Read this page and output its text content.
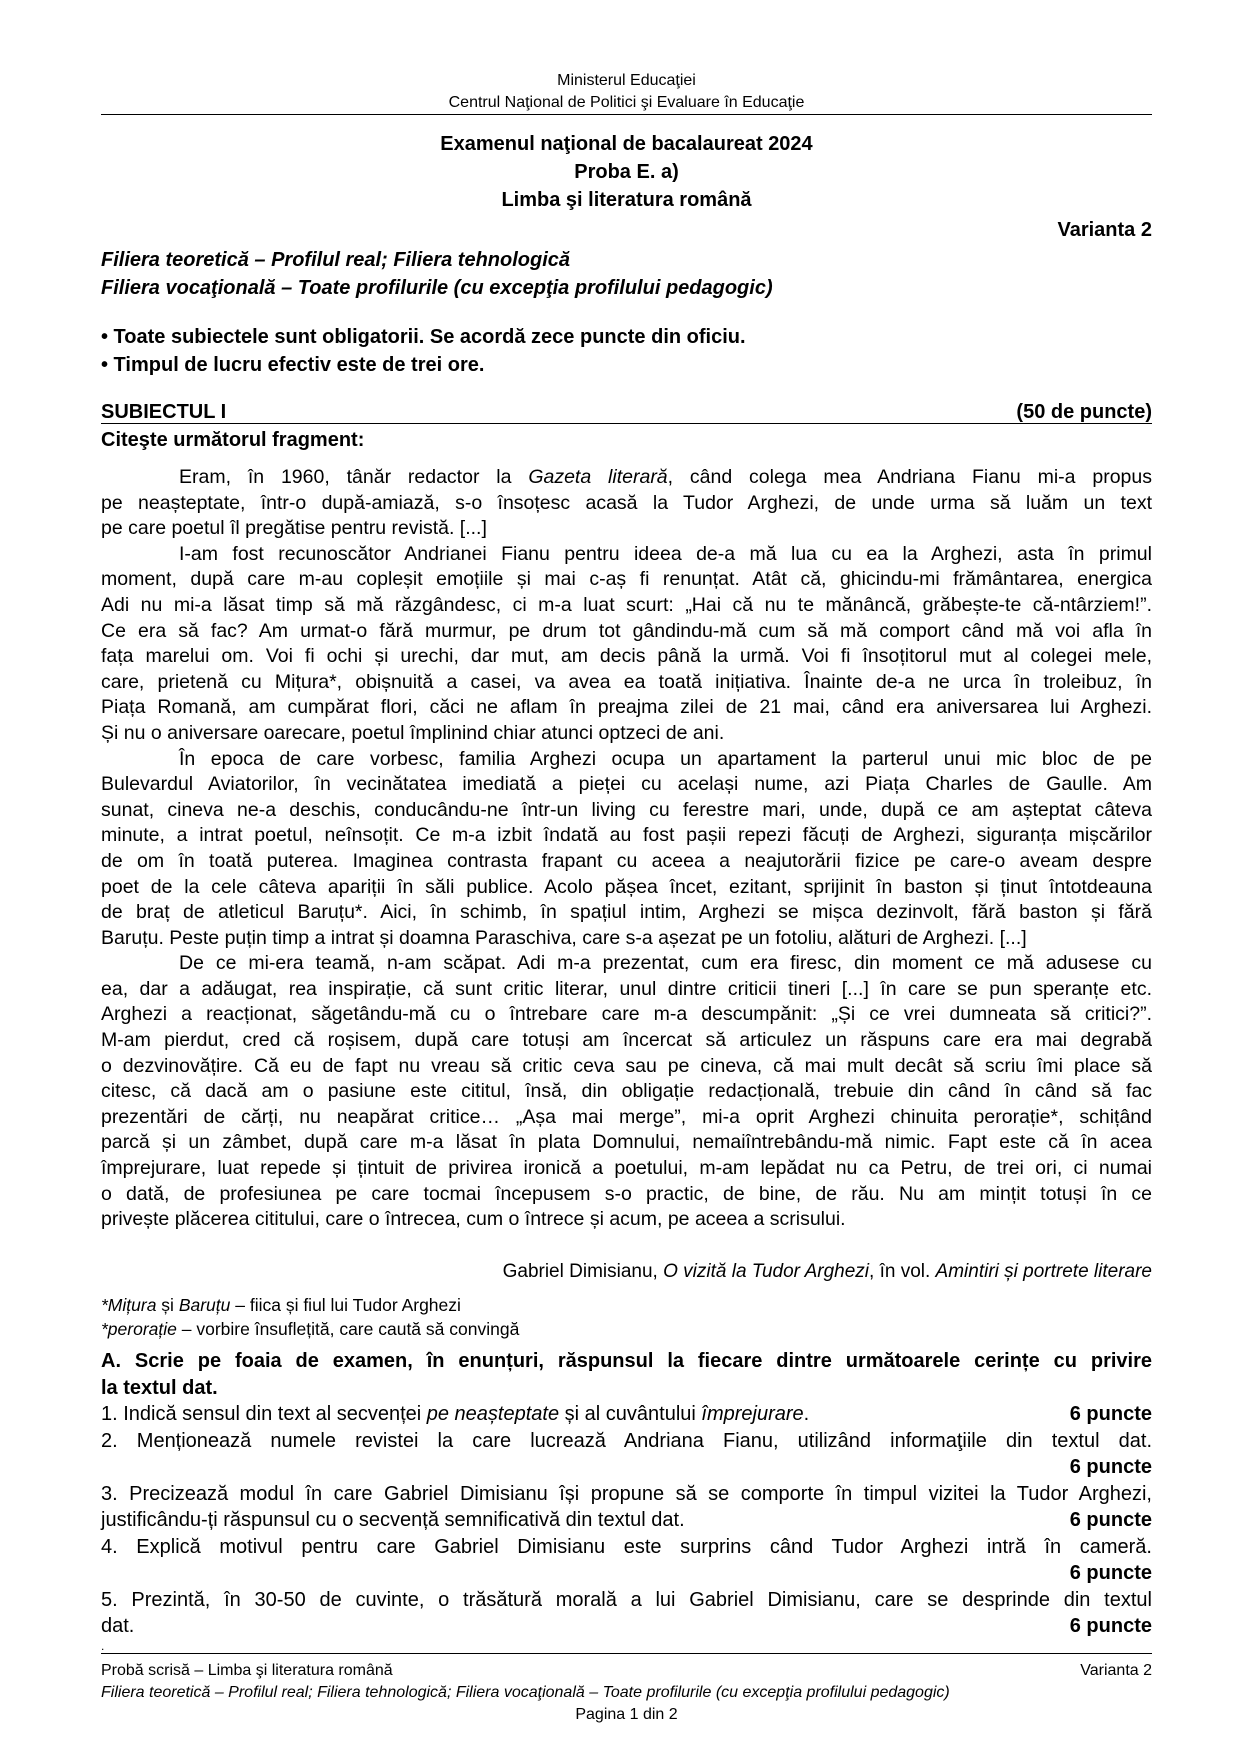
Ministerul Educaţiei
Centrul Naţional de Politici şi Evaluare în Educaţie
Examenul naţional de bacalaureat 2024
Proba E. a)
Limba şi literatura română
Varianta 2
Filiera teoretică – Profilul real; Filiera tehnologică
Filiera vocaţională – Toate profilurile (cu excepţia profilului pedagogic)
• Toate subiectele sunt obligatorii. Se acordă zece puncte din oficiu.
• Timpul de lucru efectiv este de trei ore.
SUBIECTUL I	(50 de puncte)
Citeşte următorul fragment:
Eram, în 1960, tânăr redactor la Gazeta literară, când colega mea Andriana Fianu mi-a propus
pe neașteptate, într-o după-amiază, s-o însoțesc acasă la Tudor Arghezi, de unde urma să luăm un text
pe care poetul îl pregătise pentru revistă. [...]
I-am fost recunoscător Andrianei Fianu pentru ideea de-a mă lua cu ea la Arghezi, asta în primul
moment, după care m-au copleșit emoțiile și mai c-aș fi renunțat. Atât că, ghicindu-mi frământarea, energica
Adi nu mi-a lăsat timp să mă răzgândesc, ci m-a luat scurt: „Hai că nu te mănâncă, grăbește-te că-ntârziem!”.
Ce era să fac? Am urmat-o fără murmur, pe drum tot gândindu-mă cum să mă comport când mă voi afla în
fața marelui om. Voi fi ochi și urechi, dar mut, am decis până la urmă. Voi fi însoțitorul mut al colegei mele,
care, prietenă cu Mițura*, obișnuită a casei, va avea ea toată inițiativa. Înainte de-a ne urca în troleibuz, în
Piața Romană, am cumpărat flori, căci ne aflam în preajma zilei de 21 mai, când era aniversarea lui Arghezi.
Și nu o aniversare oarecare, poetul împlinind chiar atunci optzeci de ani.
În epoca de care vorbesc, familia Arghezi ocupa un apartament la parterul unui mic bloc de pe
Bulevardul Aviatorilor, în vecinătatea imediată a pieței cu același nume, azi Piața Charles de Gaulle. Am
sunat, cineva ne-a deschis, conducându-ne într-un living cu ferestre mari, unde, după ce am așteptat câteva
minute, a intrat poetul, neînsoțit. Ce m-a izbit îndată au fost pașii repezi făcuți de Arghezi, siguranța mișcărilor
de om în toată puterea. Imaginea contrasta frapant cu aceea a neajutorării fizice pe care-o aveam despre
poet de la cele câteva apariții în săli publice. Acolo pășea încet, ezitant, sprijinit în baston și ținut întotdeauna
de braț de atleticul Baruțu*. Aici, în schimb, în spațiul intim, Arghezi se mișca dezinvolt, fără baston și fără
Baruțu. Peste puțin timp a intrat și doamna Paraschiva, care s-a așezat pe un fotoliu, alături de Arghezi. [...]
De ce mi-era teamă, n-am scăpat. Adi m-a prezentat, cum era firesc, din moment ce mă adusese cu
ea, dar a adăugat, rea inspirație, că sunt critic literar, unul dintre criticii tineri [...] în care se pun speranțe etc.
Arghezi a reacționat, săgetându-mă cu o întrebare care m-a descumpănit: „Și ce vrei dumneata să critici?”.
M-am pierdut, cred că roșisem, după care totuși am încercat să articulez un răspuns care era mai degrabă
o dezvinovățire. Că eu de fapt nu vreau să critic ceva sau pe cineva, că mai mult decât să scriu îmi place să
citesc, că dacă am o pasiune este cititul, însă, din obligație redacțională, trebuie din când în când să fac
prezentări de cărți, nu neapărat critice… „Așa mai merge”, mi-a oprit Arghezi chinuita perorație*, schițând
parcă și un zâmbet, după care m-a lăsat în plata Domnului, nemaiîntrebându-mă nimic. Fapt este că în acea
împrejurare, luat repede și țintuit de privirea ironică a poetului, m-am lepădat nu ca Petru, de trei ori, ci numai
o dată, de profesiunea pe care tocmai începusem s-o practic, de bine, de rău. Nu am mințit totuși în ce
privește plăcerea cititului, care o întrecea, cum o întrece și acum, pe aceea a scrisului.
Gabriel Dimisianu, O vizită la Tudor Arghezi, în vol. Amintiri și portrete literare
*Mițura și Baruțu – fiica și fiul lui Tudor Arghezi
*perorație – vorbire însuflețită, care caută să convingă
A. Scrie pe foaia de examen, în enunțuri, răspunsul la fiecare dintre următoarele cerințe cu privire
la textul dat.
1. Indică sensul din text al secvenței pe neașteptate și al cuvântului împrejurare.	6 puncte
2. Menționează numele revistei la care lucrează Andriana Fianu, utilizând informaţiile din textul dat.
6 puncte
3. Precizează modul în care Gabriel Dimisianu își propune să se comporte în timpul vizitei la Tudor Arghezi,
justificându-ți răspunsul cu o secvență semnificativă din textul dat.	6 puncte
4. Explică motivul pentru care Gabriel Dimisianu este surprins când Tudor Arghezi intră în cameră.
6 puncte
5. Prezintă, în 30-50 de cuvinte, o trăsătură morală a lui Gabriel Dimisianu, care se desprinde din textul
dat.	6 puncte
.
Probă scrisă – Limba şi literatura română	Varianta 2
Filiera teoretică – Profilul real; Filiera tehnologică; Filiera vocaţională – Toate profilurile (cu excepţia profilului pedagogic)
Pagina 1 din 2
